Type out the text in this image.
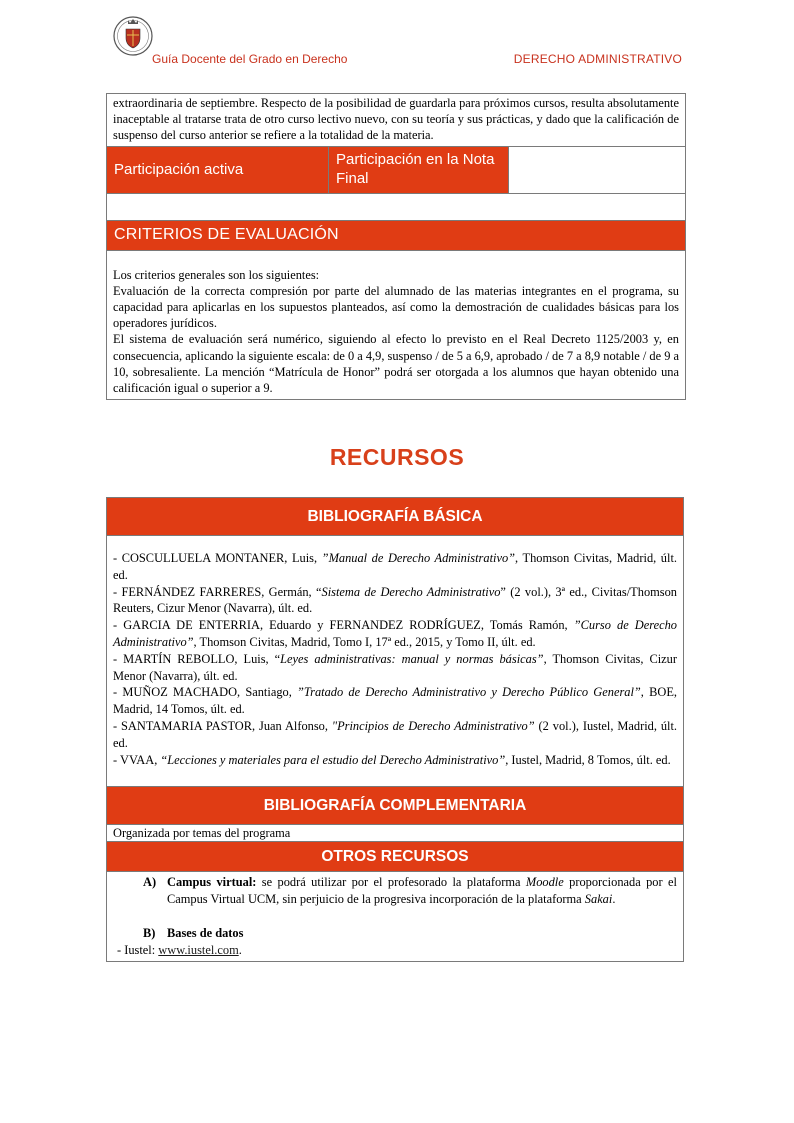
Guía Docente del Grado en Derecho	DERECHO ADMINISTRATIVO
extraordinaria de septiembre. Respecto de la posibilidad de guardarla para próximos cursos, resulta absolutamente inaceptable al tratarse trata de otro curso lectivo nuevo, con su teoría y sus prácticas, y dado que la calificación de suspenso del curso anterior se refiere a la totalidad de la materia.
Participación activa
Participación en la Nota Final
CRITERIOS DE EVALUACIÓN
Los criterios generales son los siguientes:
Evaluación de la correcta compresión por parte del alumnado de las materias integrantes en el programa, su capacidad para aplicarlas en los supuestos planteados, así como la demostración de cualidades básicas para los operadores jurídicos.
El sistema de evaluación será numérico, siguiendo al efecto lo previsto en el Real Decreto 1125/2003 y, en consecuencia, aplicando la siguiente escala: de 0 a 4,9, suspenso / de 5 a 6,9, aprobado / de 7 a 8,9 notable / de 9 a 10, sobresaliente. La mención “Matrícula de Honor” podrá ser otorgada a los alumnos que hayan obtenido una calificación igual o superior a 9.
RECURSOS
BIBLIOGRAFÍA BÁSICA
- COSCULLUELA MONTANER, Luis, ”Manual de Derecho Administrativo”, Thomson Civitas, Madrid, últ. ed.
- FERNÁNDEZ FARRERES, Germán, “Sistema de Derecho Administrativo” (2 vol.), 3ª ed., Civitas/Thomson Reuters, Cizur Menor (Navarra), últ. ed.
- GARCIA DE ENTERRIA, Eduardo y FERNANDEZ RODRÍGUEZ, Tomás Ramón, ”Curso de Derecho Administrativo”, Thomson Civitas, Madrid, Tomo I, 17ª ed., 2015, y Tomo II, últ. ed.
- MARTÍN REBOLLO, Luis, “Leyes administrativas: manual y normas básicas”, Thomson Civitas, Cizur Menor (Navarra), últ. ed.
- MUÑOZ MACHADO, Santiago, ”Tratado de Derecho Administrativo y Derecho Público General”, BOE, Madrid, 14 Tomos, últ. ed.
- SANTAMARIA PASTOR, Juan Alfonso, "Principios de Derecho Administrativo” (2 vol.), Iustel, Madrid, últ. ed.
- VVAA, “Lecciones y materiales para el estudio del Derecho Administrativo”, Iustel, Madrid, 8 Tomos, últ. ed.
BIBLIOGRAFÍA COMPLEMENTARIA
Organizada por temas del programa
OTROS RECURSOS
A) Campus virtual: se podrá utilizar por el profesorado la plataforma Moodle proporcionada por el Campus Virtual UCM, sin perjuicio de la progresiva incorporación de la plataforma Sakai.
B) Bases de datos
- Iustel: www.iustel.com.
